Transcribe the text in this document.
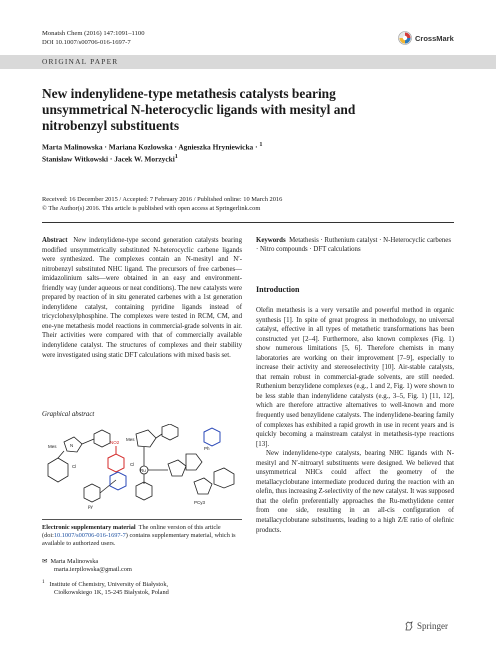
Monatsh Chem (2016) 147:1091–1100
DOI 10.1007/s00706-016-1697-7	CrossMark
ORIGINAL PAPER
New indenylidene-type metathesis catalysts bearing unsymmetrical N-heterocyclic ligands with mesityl and nitrobenzyl substituents
Marta Malinowska · Mariana Kozlowska · Agnieszka Hryniewicka · $^1$
Stanisław Witkowski · Jacek W. Morzycki$^1$
Received: 16 December 2015 / Accepted: 7 February 2016 / Published online: 10 March 2016
© The Author(s) 2016. This article is published with open access at Springerlink.com
Abstract New indenylidene-type second generation catalysts bearing modified unsymmetrically substituted N-heterocyclic carbene ligands were synthesized. The complexes contain an N-mesityl and N′-nitrobenzyl substituted NHC ligand. The precursors of free carbenes—imidazolinium salts—were obtained in an easy and environment-friendly way (under aqueous or neat conditions). The new catalysts were prepared by reaction of in situ generated carbenes with a 1st generation indenylidene catalyst, containing pyridine ligands instead of tricyclohexylphosphine. The complexes were tested in RCM, CM, and ene-yne metathesis model reactions in commercial-grade solvents in air. Their activities were compared with that of commercially available indenylidene catalyst. The structures of complexes and their stability were investigated using static DFT calculations with mixed basis set.
Graphical abstract
Mes	N
Cl
Mes
Ru
Cl
Ph
NO2
py
PCy3
Electronic supplementary material The online version of this article (doi:10.1007/s00706-016-1697-7) contains supplementary material, which is available to authorized users.
✉ Marta Malinowska
marta.ierpilowska@gmail.com
$^1$ Institute of Chemistry, University of Białystok,
Ciołkowskiego 1K, 15-245 Białystok, Poland
Keywords Metathesis · Ruthenium catalyst · N-Heterocyclic carbenes · Nitro compounds · DFT calculations
Introduction

Olefin metathesis is a very versatile and powerful method in organic synthesis [1]. In spite of great progress in methodology, no universal catalyst, effective in all types of metathetic transformations has been constructed yet [2–4]. Furthermore, also known complexes (Fig. 1) show numerous limitations [5, 6]. Therefore chemists in many laboratories are working on their improvement [7–9], especially to increase their activity and stereoselectivity [10]. Air-stable catalysts, that remain robust in commercial-grade solvents, are still needed. Ruthenium benzylidene complexes (e.g., 1 and 2, Fig. 1) were shown to be less stable than indenylidene catalysts (e.g., 3–5, Fig. 1) [11, 12], which are therefore attractive alternatives to well-known and more frequently used benzylidene catalysts. The indenylidene-bearing family of complexes has exhibited a rapid growth in use in recent years and is quickly becoming a mainstream catalyst in metathesis-type reactions [13].

New indenylidene-type catalysts, bearing NHC ligands with N-mesityl and N′-nitroaryl substituents were designed. We believed that unsymmetrical NHCs could affect the geometry of the metallacyclobutane intermediate produced during the reaction with an olefin, thus increasing Z-selectivity of the new catalyst. It was supposed that the olefin preferentially approaches the Ru-methylidene center from one side, resulting in an all-cis configuration of metallacyclobutane substituents, leading to a high Z/E ratio of olefinic products.

Springer
